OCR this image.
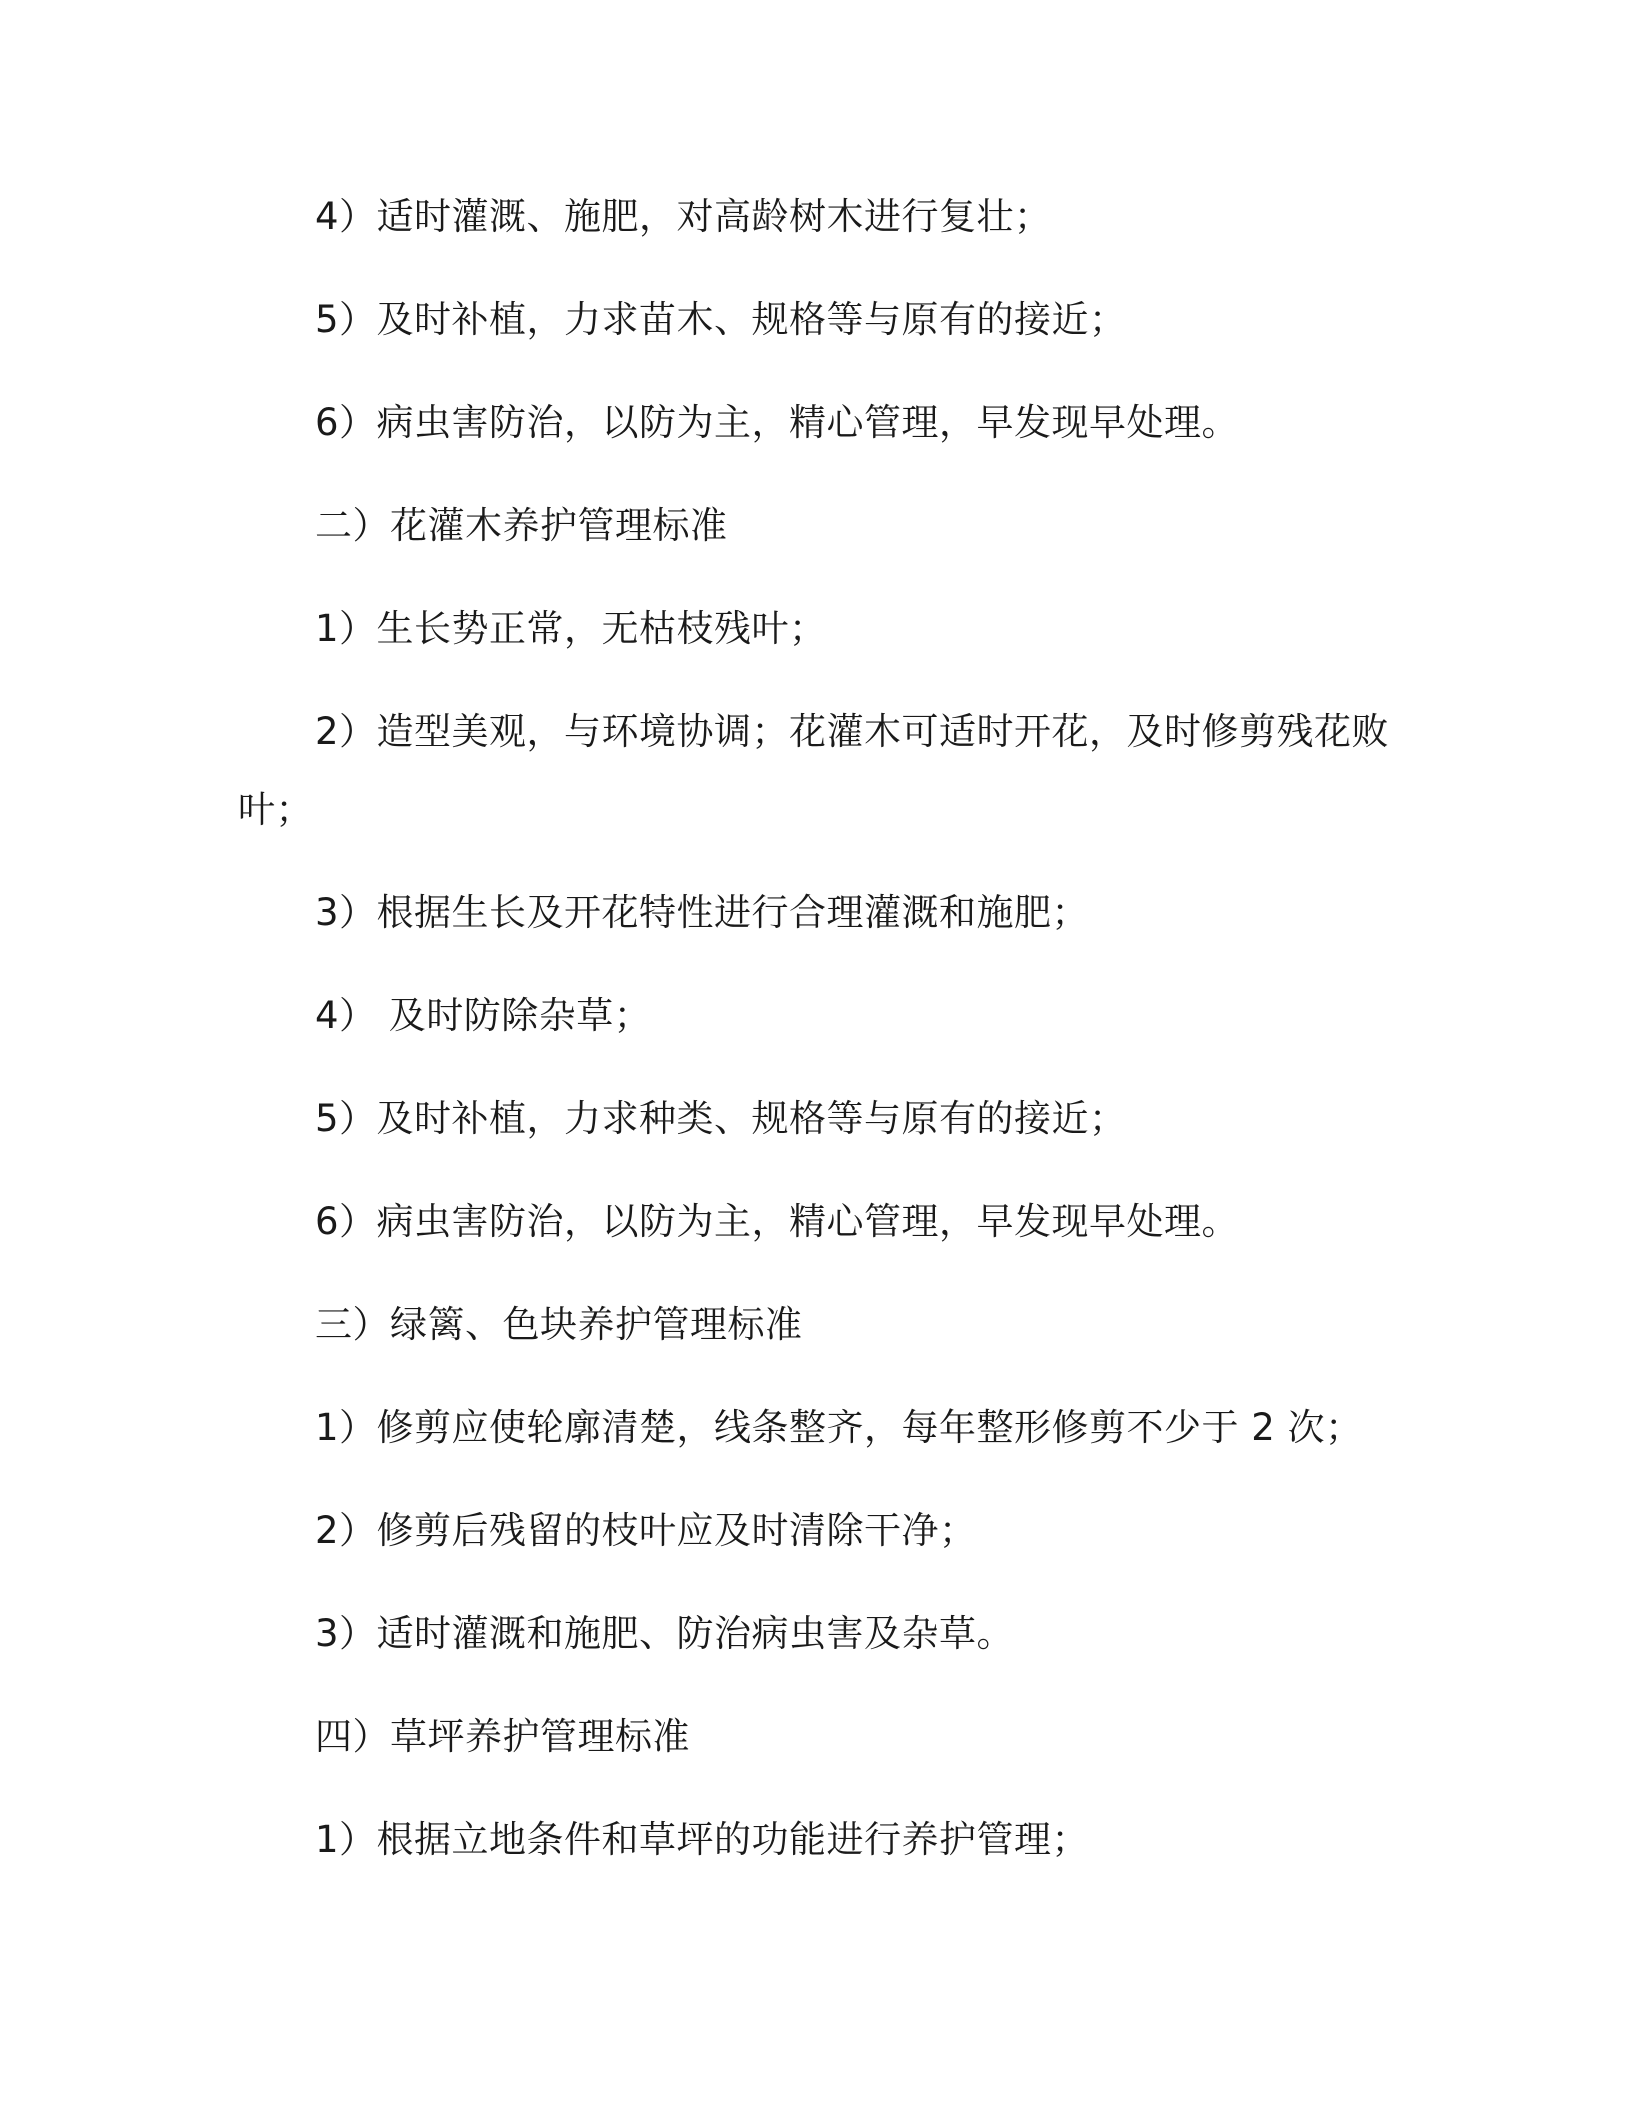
4）适时灌溉、施肥，对高龄树木进行复壮；
5）及时补植，力求苗木、规格等与原有的接近；
6）病虫害防治，以防为主，精心管理，早发现早处理。
二）花灌木养护管理标准
1）生长势正常，无枯枝残叶；
2）造型美观，与环境协调；花灌木可适时开花，及时修剪残花败
叶；
3）根据生长及开花特性进行合理灌溉和施肥；
4） 及时防除杂草；
5）及时补植，力求种类、规格等与原有的接近；
6）病虫害防治，以防为主，精心管理，早发现早处理。
三）绿篱、色块养护管理标准
1）修剪应使轮廓清楚，线条整齐，每年整形修剪不少于 2 次；
2）修剪后残留的枝叶应及时清除干净；
3）适时灌溉和施肥、防治病虫害及杂草。
四）草坪养护管理标准
1）根据立地条件和草坪的功能进行养护管理；
